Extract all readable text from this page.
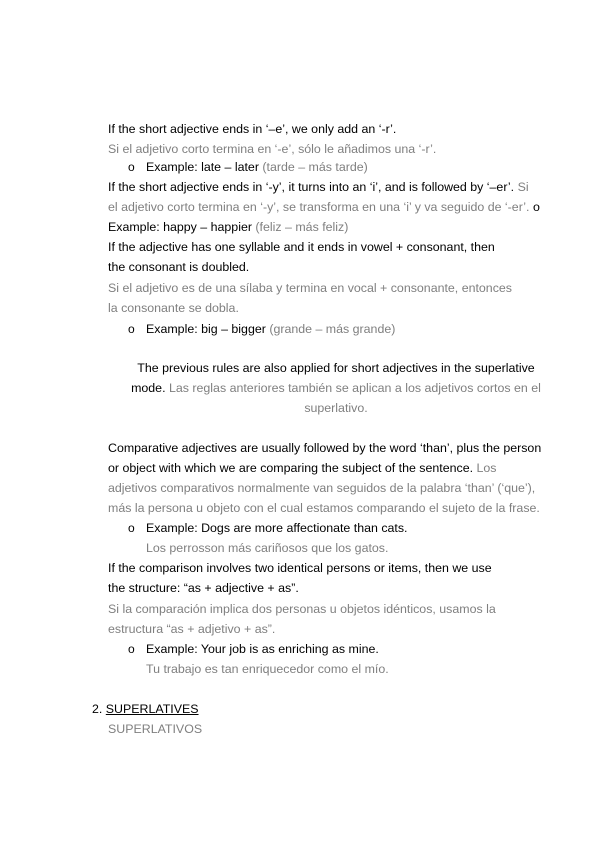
If the short adjective ends in ‘–e’, we only add an ‘-r’.
Si el adjetivo corto termina en ‘-e’, sólo le añadimos una ‘-r’.
o Example: late – later (tarde – más tarde)
If the short adjective ends in ‘-y’, it turns into an ‘i’, and is followed by ‘–er’. Si
el adjetivo corto termina en ‘-y’, se transforma en una ‘i’ y va seguido de ‘-er’. o
Example: happy – happier (feliz – más feliz)
If the adjective has one syllable and it ends in vowel + consonant, then
the consonant is doubled.
Si el adjetivo es de una sílaba y termina en vocal + consonante, entonces
la consonante se dobla.
o Example: big – bigger (grande – más grande)
The previous rules are also applied for short adjectives in the superlative
mode. Las reglas anteriores también se aplican a los adjetivos cortos en el
superlativo.
Comparative adjectives are usually followed by the word ‘than’, plus the person
or object with which we are comparing the subject of the sentence. Los
adjetivos comparativos normalmente van seguidos de la palabra ‘than’ (‘que’),
más la persona u objeto con el cual estamos comparando el sujeto de la frase.
o Example: Dogs are more affectionate than cats.
Los perrosson más cariñosos que los gatos.
If the comparison involves two identical persons or items, then we use
the structure: “as + adjective + as”.
Si la comparación implica dos personas u objetos idénticos, usamos la
estructura “as + adjetivo + as”.
o Example: Your job is as enriching as mine.
Tu trabajo es tan enriquecedor como el mío.
2. SUPERLATIVES
SUPERLATIVOS
